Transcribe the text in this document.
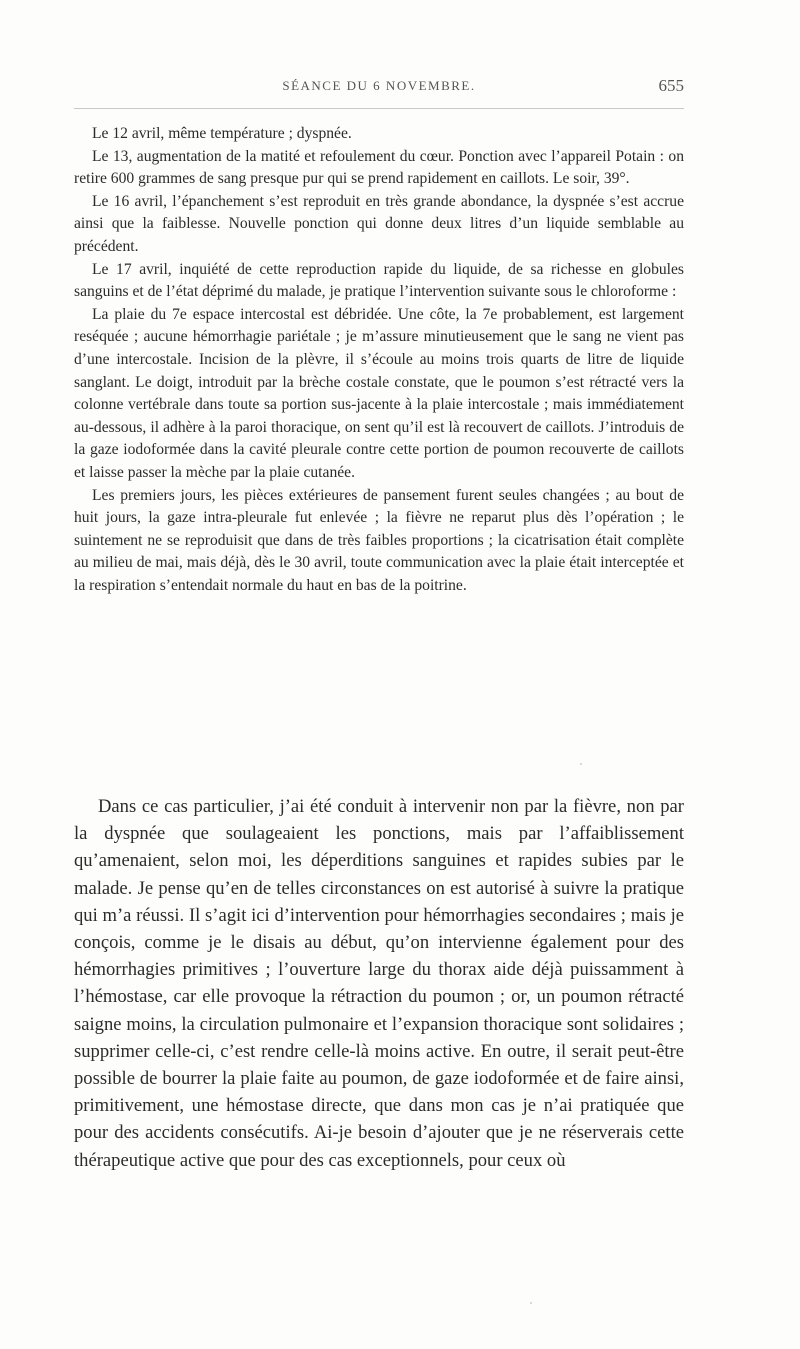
SÉANCE DU 6 NOVEMBRE.	655

Le 12 avril, même température ; dyspnée.

Le 13, augmentation de la matité et refoulement du cœur. Ponction avec l’appareil Potain : on retire 600 grammes de sang presque pur qui se prend rapidement en caillots. Le soir, 39°.

Le 16 avril, l’épanchement s’est reproduit en très grande abondance, la dyspnée s’est accrue ainsi que la faiblesse. Nouvelle ponction qui donne deux litres d’un liquide semblable au précédent.

Le 17 avril, inquiété de cette reproduction rapide du liquide, de sa richesse en globules sanguins et de l’état déprimé du malade, je pratique l’intervention suivante sous le chloroforme :

La plaie du 7e espace intercostal est débridée. Une côte, la 7e probablement, est largement reséquée ; aucune hémorrhagie pariétale ; je m’assure minutieusement que le sang ne vient pas d’une intercostale. Incision de la plèvre, il s’écoule au moins trois quarts de litre de liquide sanglant. Le doigt, introduit par la brèche costale constate, que le poumon s’est rétracté vers la colonne vertébrale dans toute sa portion sus-jacente à la plaie intercostale ; mais immédiatement au-dessous, il adhère à la paroi thoracique, on sent qu’il est là recouvert de caillots. J’introduis de la gaze iodoformée dans la cavité pleurale contre cette portion de poumon recouverte de caillots et laisse passer la mèche par la plaie cutanée.

Les premiers jours, les pièces extérieures de pansement furent seules changées ; au bout de huit jours, la gaze intra-pleurale fut enlevée ; la fièvre ne reparut plus dès l’opération ; le suintement ne se reproduisit que dans de très faibles proportions ; la cicatrisation était complète au milieu de mai, mais déjà, dès le 30 avril, toute communication avec la plaie était interceptée et la respiration s’entendait normale du haut en bas de la poitrine.

Dans ce cas particulier, j’ai été conduit à intervenir non par la fièvre, non par la dyspnée que soulageaient les ponctions, mais par l’affaiblissement qu’amenaient, selon moi, les déperditions sanguines et rapides subies par le malade. Je pense qu’en de telles circonstances on est autorisé à suivre la pratique qui m’a réussi. Il s’agit ici d’intervention pour hémorrhagies secondaires ; mais je conçois, comme je le disais au début, qu’on intervienne également pour des hémorrhagies primitives ; l’ouverture large du thorax aide déjà puissamment à l’hémostase, car elle provoque la rétraction du poumon ; or, un poumon rétracté saigne moins, la circulation pulmonaire et l’expansion thoracique sont solidaires ; supprimer celle-ci, c’est rendre celle-là moins active. En outre, il serait peut-être possible de bourrer la plaie faite au poumon, de gaze iodoformée et de faire ainsi, primitivement, une hémostase directe, que dans mon cas je n’ai pratiquée que pour des accidents consécutifs. Ai-je besoin d’ajouter que je ne réserverais cette thérapeutique active que pour des cas exceptionnels, pour ceux où
